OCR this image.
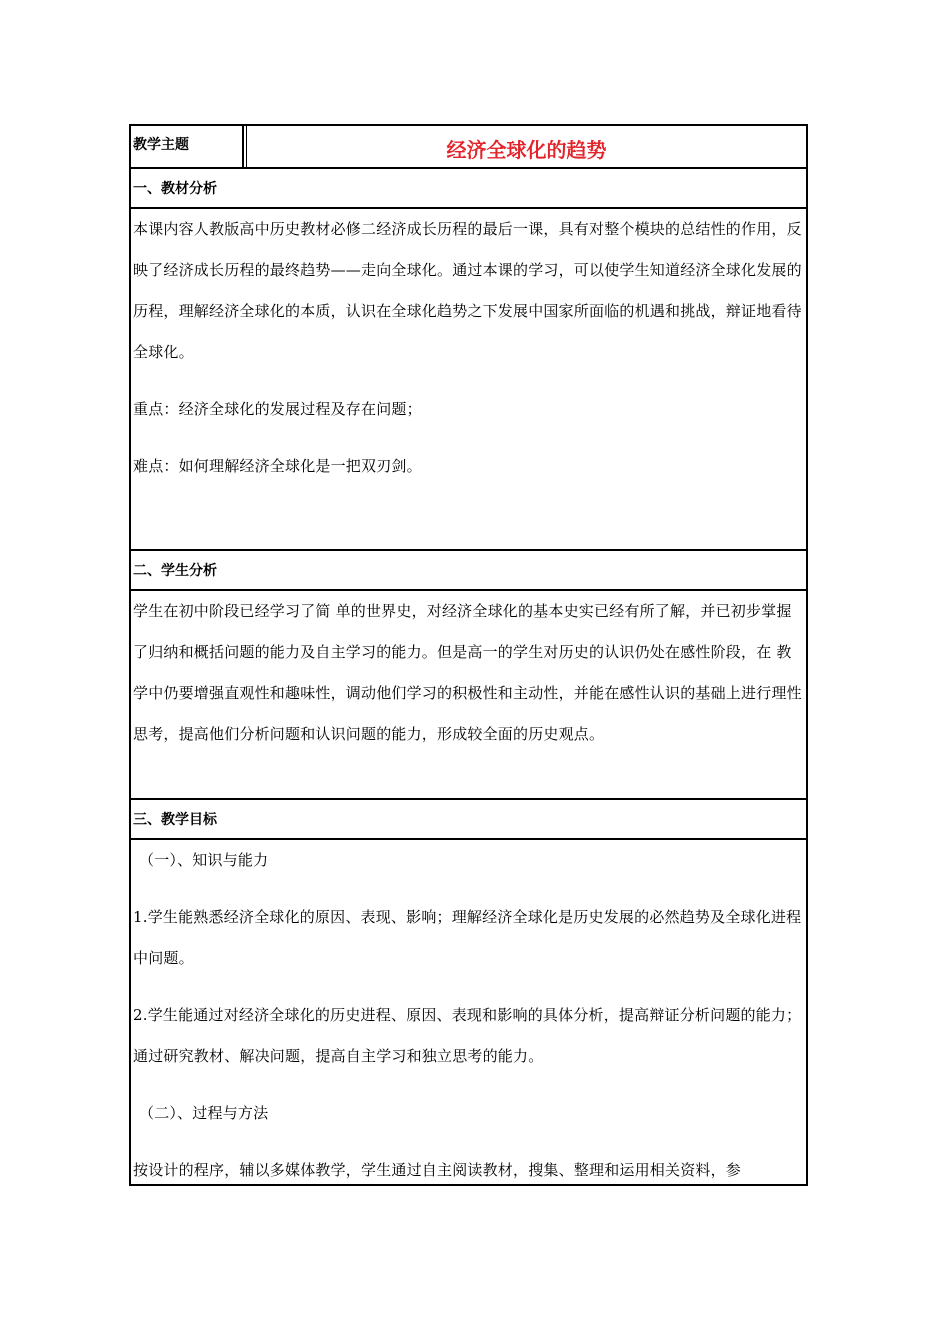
教学主题	经济全球化的趋势
一、教材分析

本课内容人教版高中历史教材必修二经济成长历程的最后一课，具有对整个模块的总结性的作用，反映了经济成长历程的最终趋势——走向全球化。通过本课的学习，可以使学生知道经济全球化发展的历程，理解经济全球化的本质，认识在全球化趋势之下发展中国家所面临的机遇和挑战，辩证地看待全球化。

重点：经济全球化的发展过程及存在问题；

难点：如何理解经济全球化是一把双刃剑。

二、学生分析

学生在初中阶段已经学习了简 单的世界史，对经济全球化的基本史实已经有所了解，并已初步掌握了归纳和概括问题的能力及自主学习的能力。但是高一的学生对历史的认识仍处在感性阶段，在 教学中仍要增强直观性和趣味性，调动他们学习的积极性和主动性，并能在感性认识的基础上进行理性思考，提高他们分析问题和认识问题的能力，形成较全面的历史观点。

三、教学目标

（一）、知识与能力

1.学生能熟悉经济全球化的原因、表现、影响；理解经济全球化是历史发展的必然趋势及全球化进程中问题。

2.学生能通过对经济全球化的历史进程、原因、表现和影响的具体分析，提高辩证分析问题的能力；通过研究教材、解决问题，提高自主学习和独立思考的能力。

（二）、过程与方法

按设计的程序，辅以多媒体教学，学生通过自主阅读教材，搜集、整理和运用相关资料，参
